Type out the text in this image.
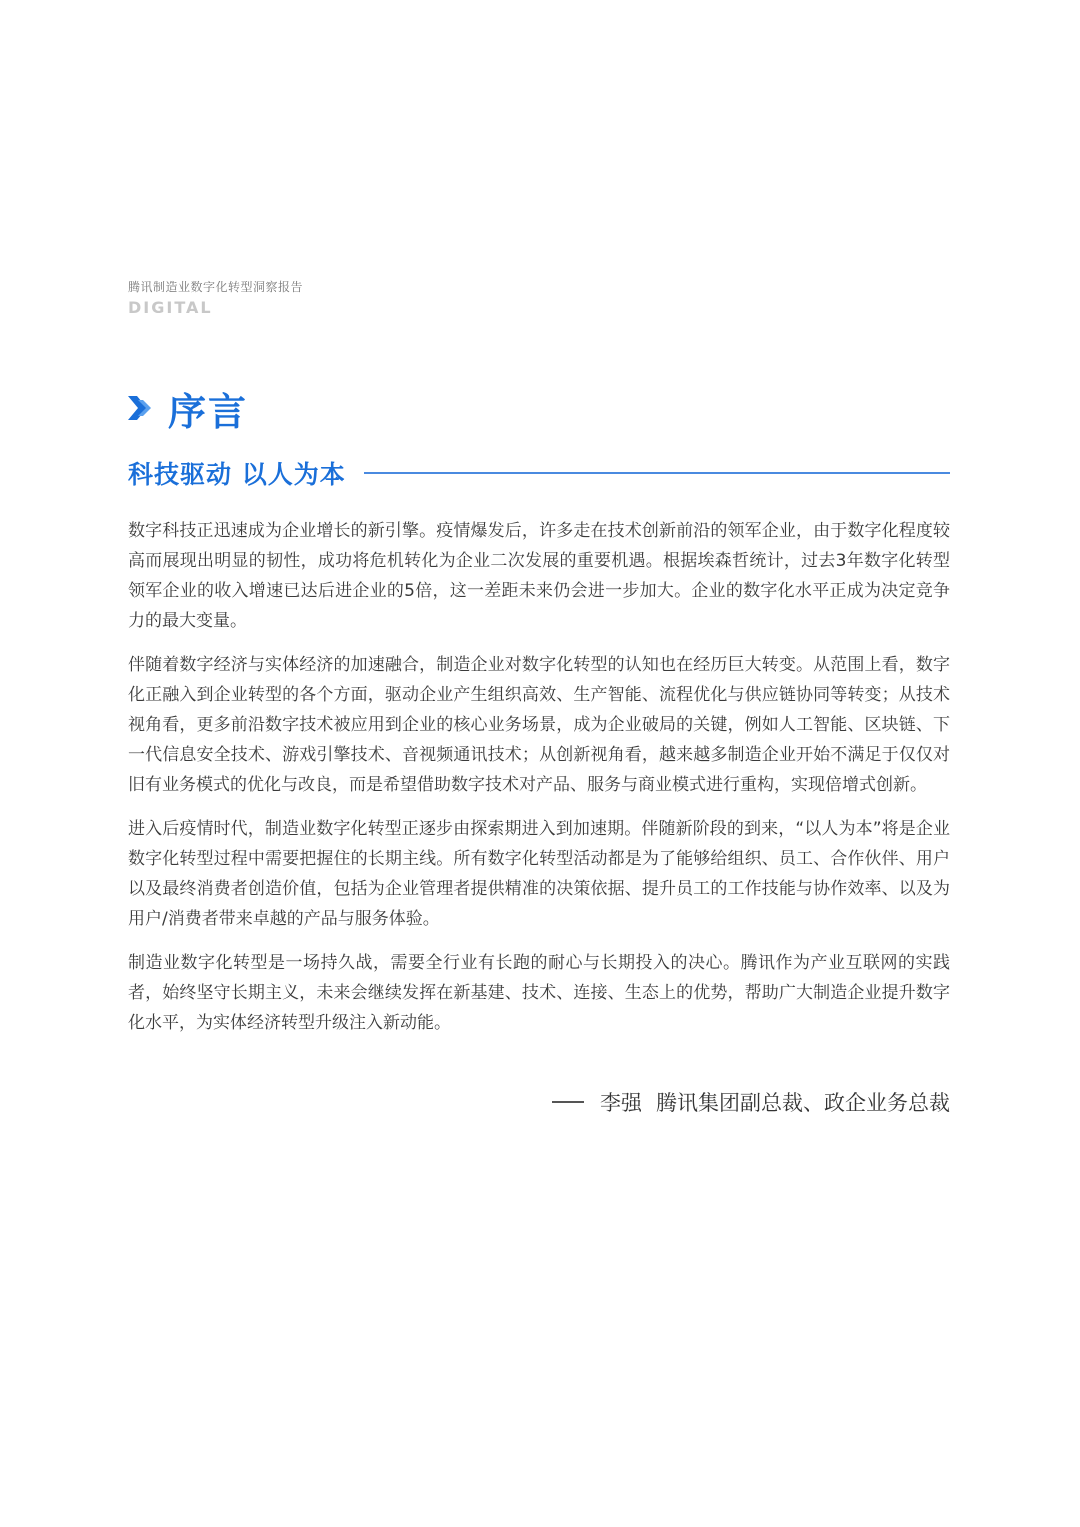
腾讯制造业数字化转型洞察报告
DIGITAL
序言
科技驱动 以人为本

数字科技正迅速成为企业增长的新引擎。疫情爆发后，许多走在技术创新前沿的领军企业，由于数字化程度较高而展现出明显的韧性，成功将危机转化为企业二次发展的重要机遇。根据埃森哲统计，过去3年数字化转型领军企业的收入增速已达后进企业的5倍，这一差距未来仍会进一步加大。企业的数字化水平正成为决定竞争力的最大变量。

伴随着数字经济与实体经济的加速融合，制造企业对数字化转型的认知也在经历巨大转变。从范围上看，数字化正融入到企业转型的各个方面，驱动企业产生组织高效、生产智能、流程优化与供应链协同等转变；从技术视角看，更多前沿数字技术被应用到企业的核心业务场景，成为企业破局的关键，例如人工智能、区块链、下一代信息安全技术、游戏引擎技术、音视频通讯技术；从创新视角看，越来越多制造企业开始不满足于仅仅对旧有业务模式的优化与改良，而是希望借助数字技术对产品、服务与商业模式进行重构，实现倍增式创新。

进入后疫情时代，制造业数字化转型正逐步由探索期进入到加速期。伴随新阶段的到来，“以人为本”将是企业数字化转型过程中需要把握住的长期主线。所有数字化转型活动都是为了能够给组织、员工、合作伙伴、用户以及最终消费者创造价值，包括为企业管理者提供精准的决策依据、提升员工的工作技能与协作效率、以及为用户/消费者带来卓越的产品与服务体验。

制造业数字化转型是一场持久战，需要全行业有长跑的耐心与长期投入的决心。腾讯作为产业互联网的实践者，始终坚守长期主义，未来会继续发挥在新基建、技术、连接、生态上的优势，帮助广大制造企业提升数字化水平，为实体经济转型升级注入新动能。

李强 腾讯集团副总裁、政企业务总裁
